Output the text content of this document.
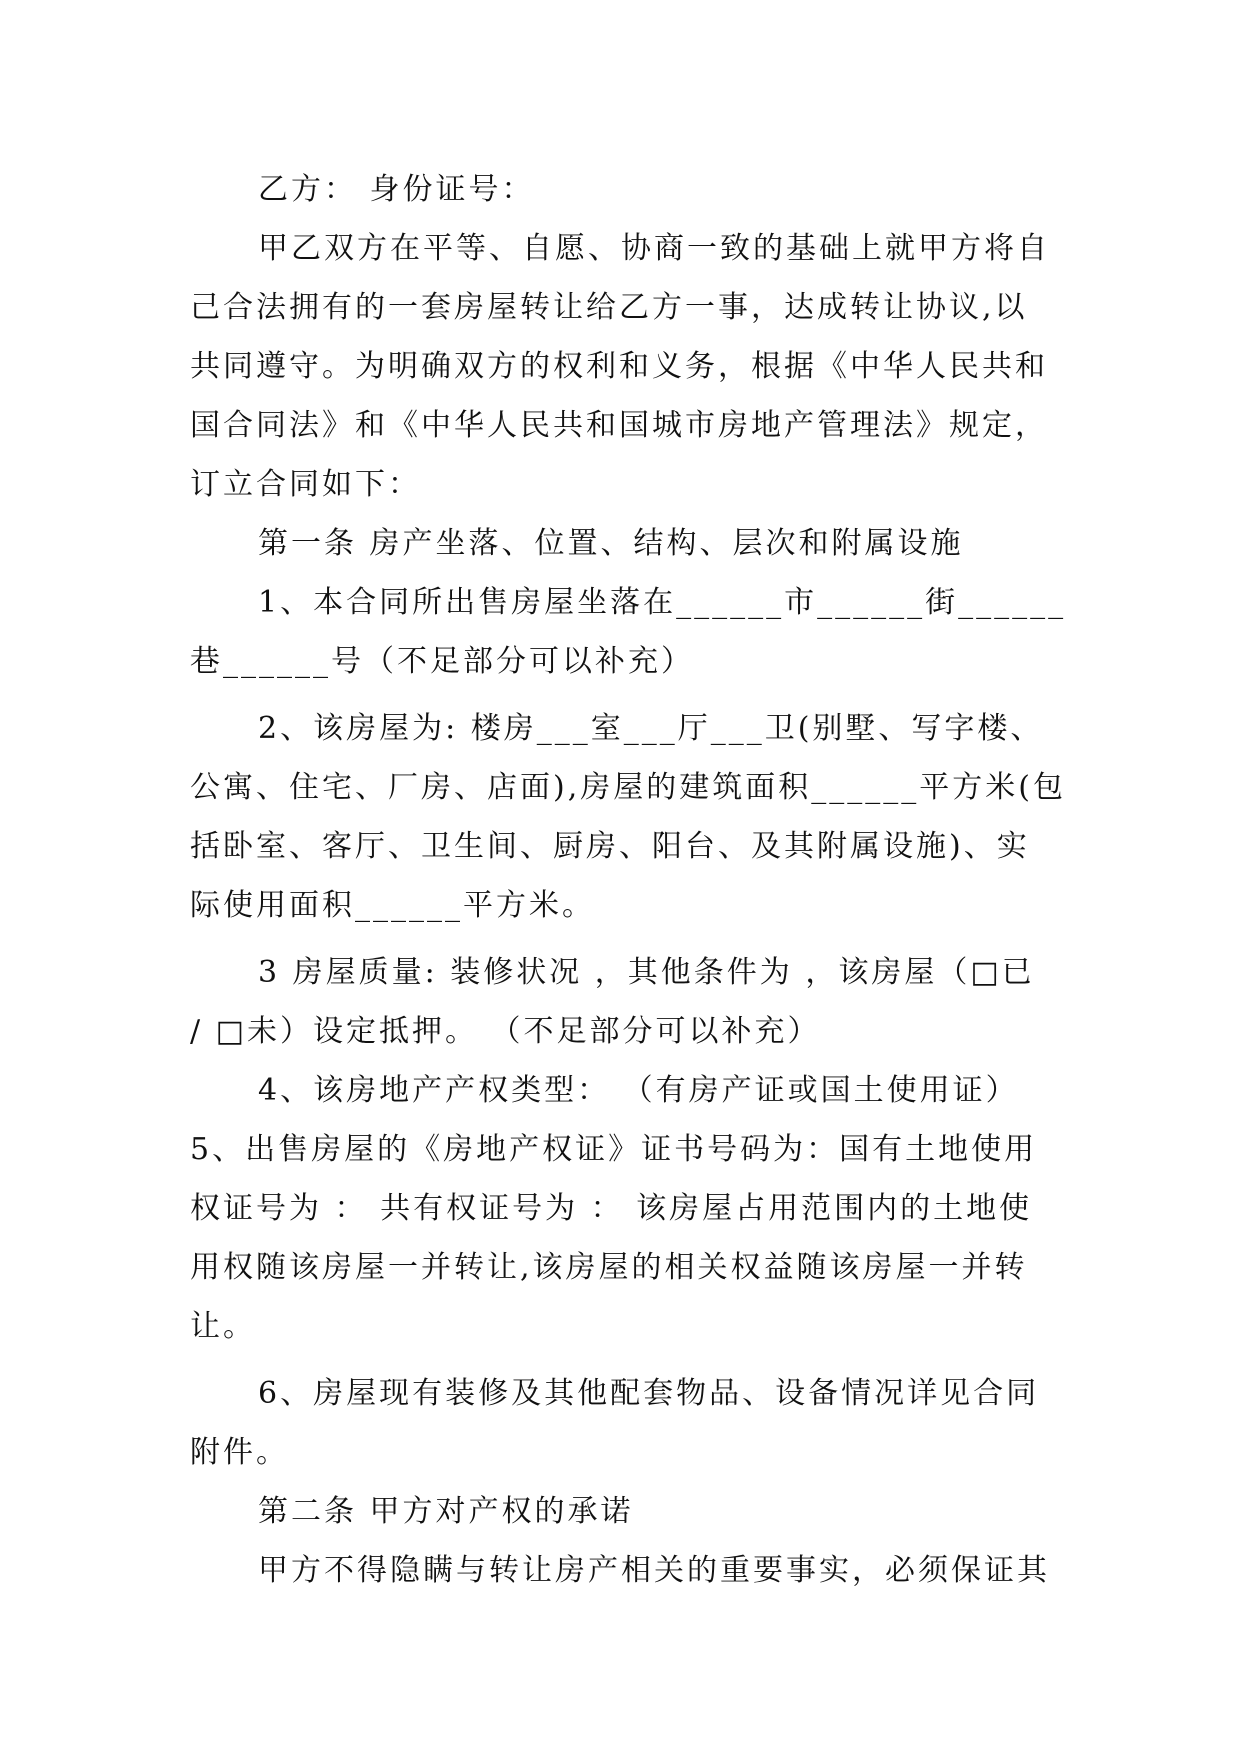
乙方： 身份证号：
甲乙双方在平等、自愿、协商一致的基础上就甲方将自
己合法拥有的一套房屋转让给乙方一事，达成转让协议,以
共同遵守。为明确双方的权利和义务，根据《中华人民共和
国合同法》和《中华人民共和国城市房地产管理法》规定，
订立合同如下：
第一条 房产坐落、位置、结构、层次和附属设施
1、本合同所出售房屋坐落在______市______街______
巷______号（不足部分可以补充）
2、该房屋为: 楼房___室___厅___卫(别墅、写字楼、
公寓、住宅、厂房、店面),房屋的建筑面积______平方米(包
括卧室、客厅、卫生间、厨房、阳台、及其附属设施)、实
际使用面积______平方米。
3 房屋质量: 装修状况 ，其他条件为 ，该房屋（□已
/ □未）设定抵押。 （不足部分可以补充）
4、该房地产产权类型： （有房产证或国土使用证）
5、出售房屋的《房地产权证》证书号码为：国有土地使用
权证号为 ： 共有权证号为 ： 该房屋占用范围内的土地使
用权随该房屋一并转让,该房屋的相关权益随该房屋一并转
让。
6、房屋现有装修及其他配套物品、设备情况详见合同
附件。
第二条 甲方对产权的承诺
甲方不得隐瞒与转让房产相关的重要事实，必须保证其
